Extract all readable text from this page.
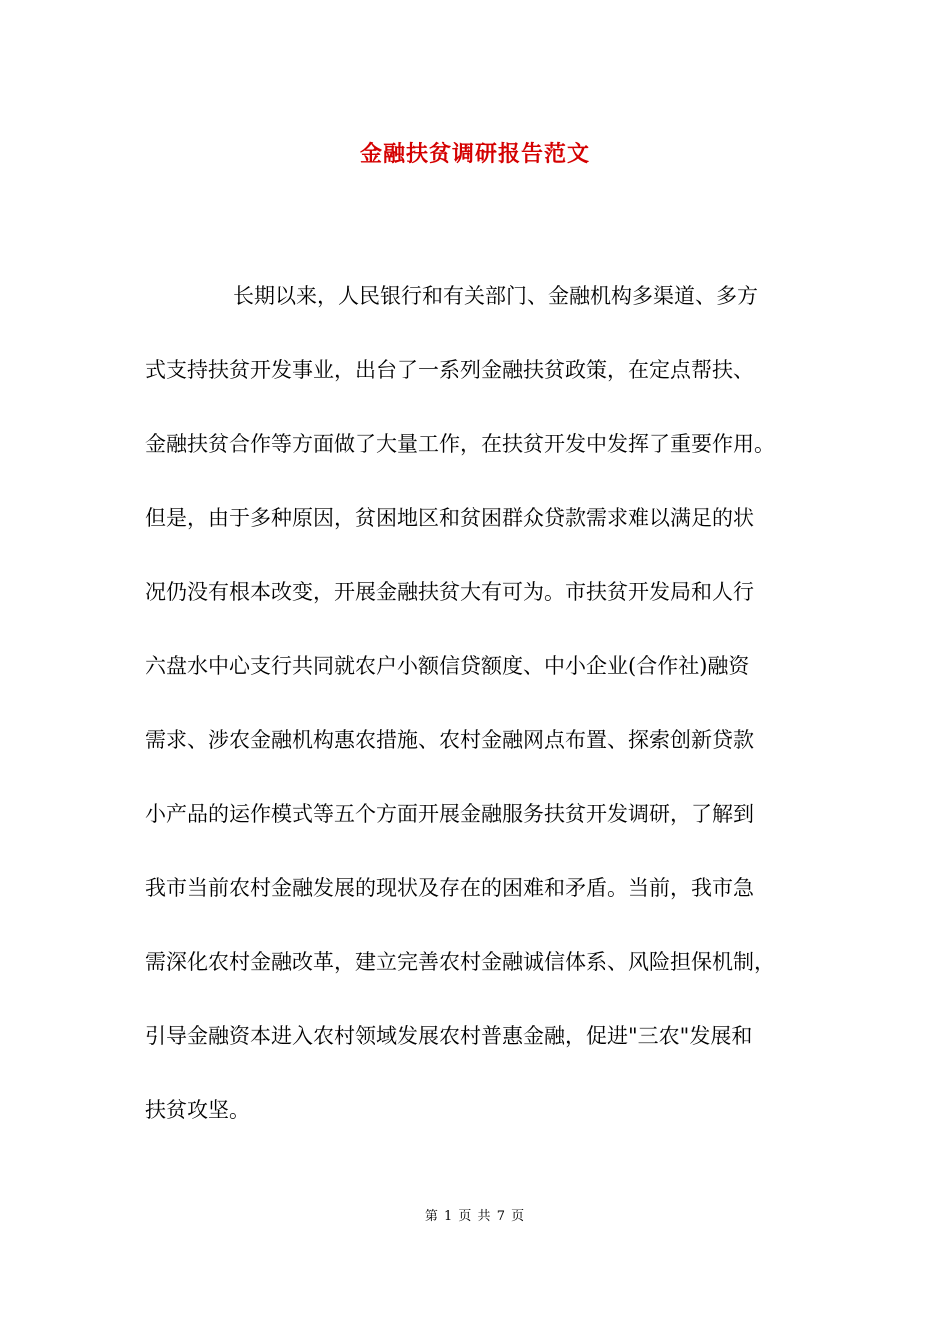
金融扶贫调研报告范文
长期以来，人民银行和有关部门、金融机构多渠道、多方
式支持扶贫开发事业，出台了一系列金融扶贫政策，在定点帮扶、
金融扶贫合作等方面做了大量工作，在扶贫开发中发挥了重要作用。
但是，由于多种原因，贫困地区和贫困群众贷款需求难以满足的状
况仍没有根本改变，开展金融扶贫大有可为。市扶贫开发局和人行
六盘水中心支行共同就农户小额信贷额度、中小企业(合作社)融资
需求、涉农金融机构惠农措施、农村金融网点布置、探索创新贷款
小产品的运作模式等五个方面开展金融服务扶贫开发调研，了解到
我市当前农村金融发展的现状及存在的困难和矛盾。当前，我市急
需深化农村金融改革，建立完善农村金融诚信体系、风险担保机制，
引导金融资本进入农村领域发展农村普惠金融，促进"三农"发展和
扶贫攻坚。
第 1 页 共 7 页
